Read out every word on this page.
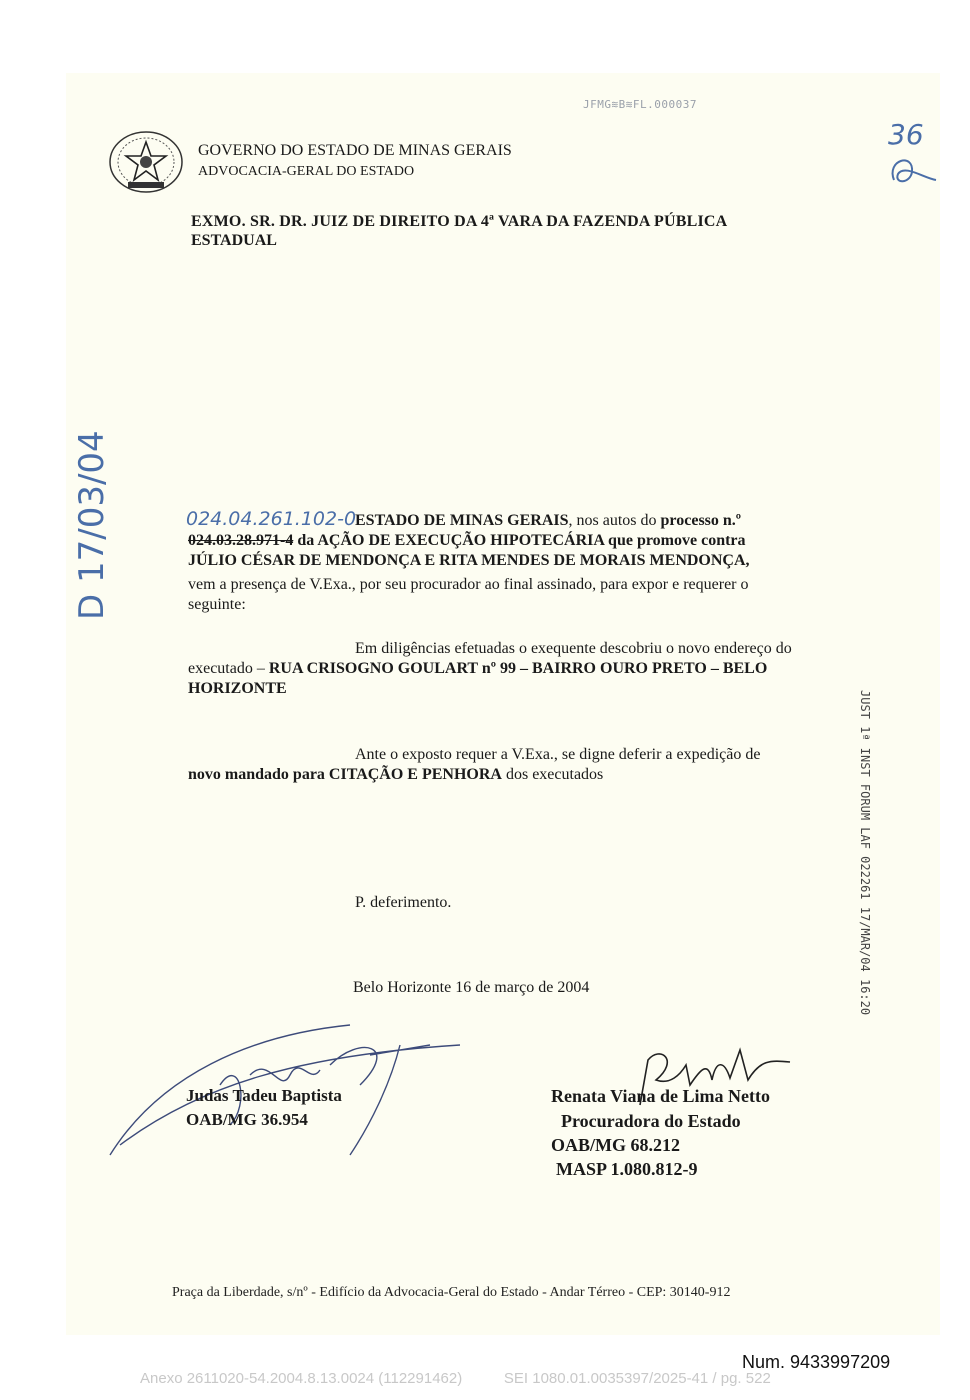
JFMG≋B≋FL.000037
GOVERNO DO ESTADO DE MINAS GERAIS
ADVOCACIA-GERAL DO ESTADO
36
EXMO. SR. DR. JUIZ DE DIREITO DA 4ª VARA DA FAZENDA PÚBLICA
ESTADUAL
D 17/03/04	024.04.261.102-0
ESTADO DE MINAS GERAIS, nos autos do processo n.º
024.03.28.971-4 da AÇÃO DE EXECUÇÃO HIPOTECÁRIA que promove contra
JÚLIO CÉSAR DE MENDONÇA E RITA MENDES DE MORAIS MENDONÇA,
vem a presença de V.Exa., por seu procurador ao final assinado, para expor e requerer o
seguinte:
Em diligências efetuadas o exequente descobriu o novo endereço do
executado – RUA CRISOGNO GOULART nº 99 – BAIRRO OURO PRETO – BELO
HORIZONTE
Ante o exposto requer a V.Exa., se digne deferir a expedição de
novo mandado para CITAÇÃO E PENHORA dos executados
P. deferimento.
Belo Horizonte 16 de março de 2004
Judas Tadeu Baptista
OAB/MG 36.954
Renata Viana de Lima Netto
Procuradora do Estado
OAB/MG 68.212
MASP 1.080.812-9
JUST 1ª INST FORUM LAF 022261 17/MAR/04 16:20
Praça da Liberdade, s/nº - Edifício da Advocacia-Geral do Estado - Andar Térreo - CEP: 30140-912
Num. 9433997209
Anexo 2611020-54.2004.8.13.0024 (112291462)          SEI 1080.01.0035397/2025-41 / pg. 522
